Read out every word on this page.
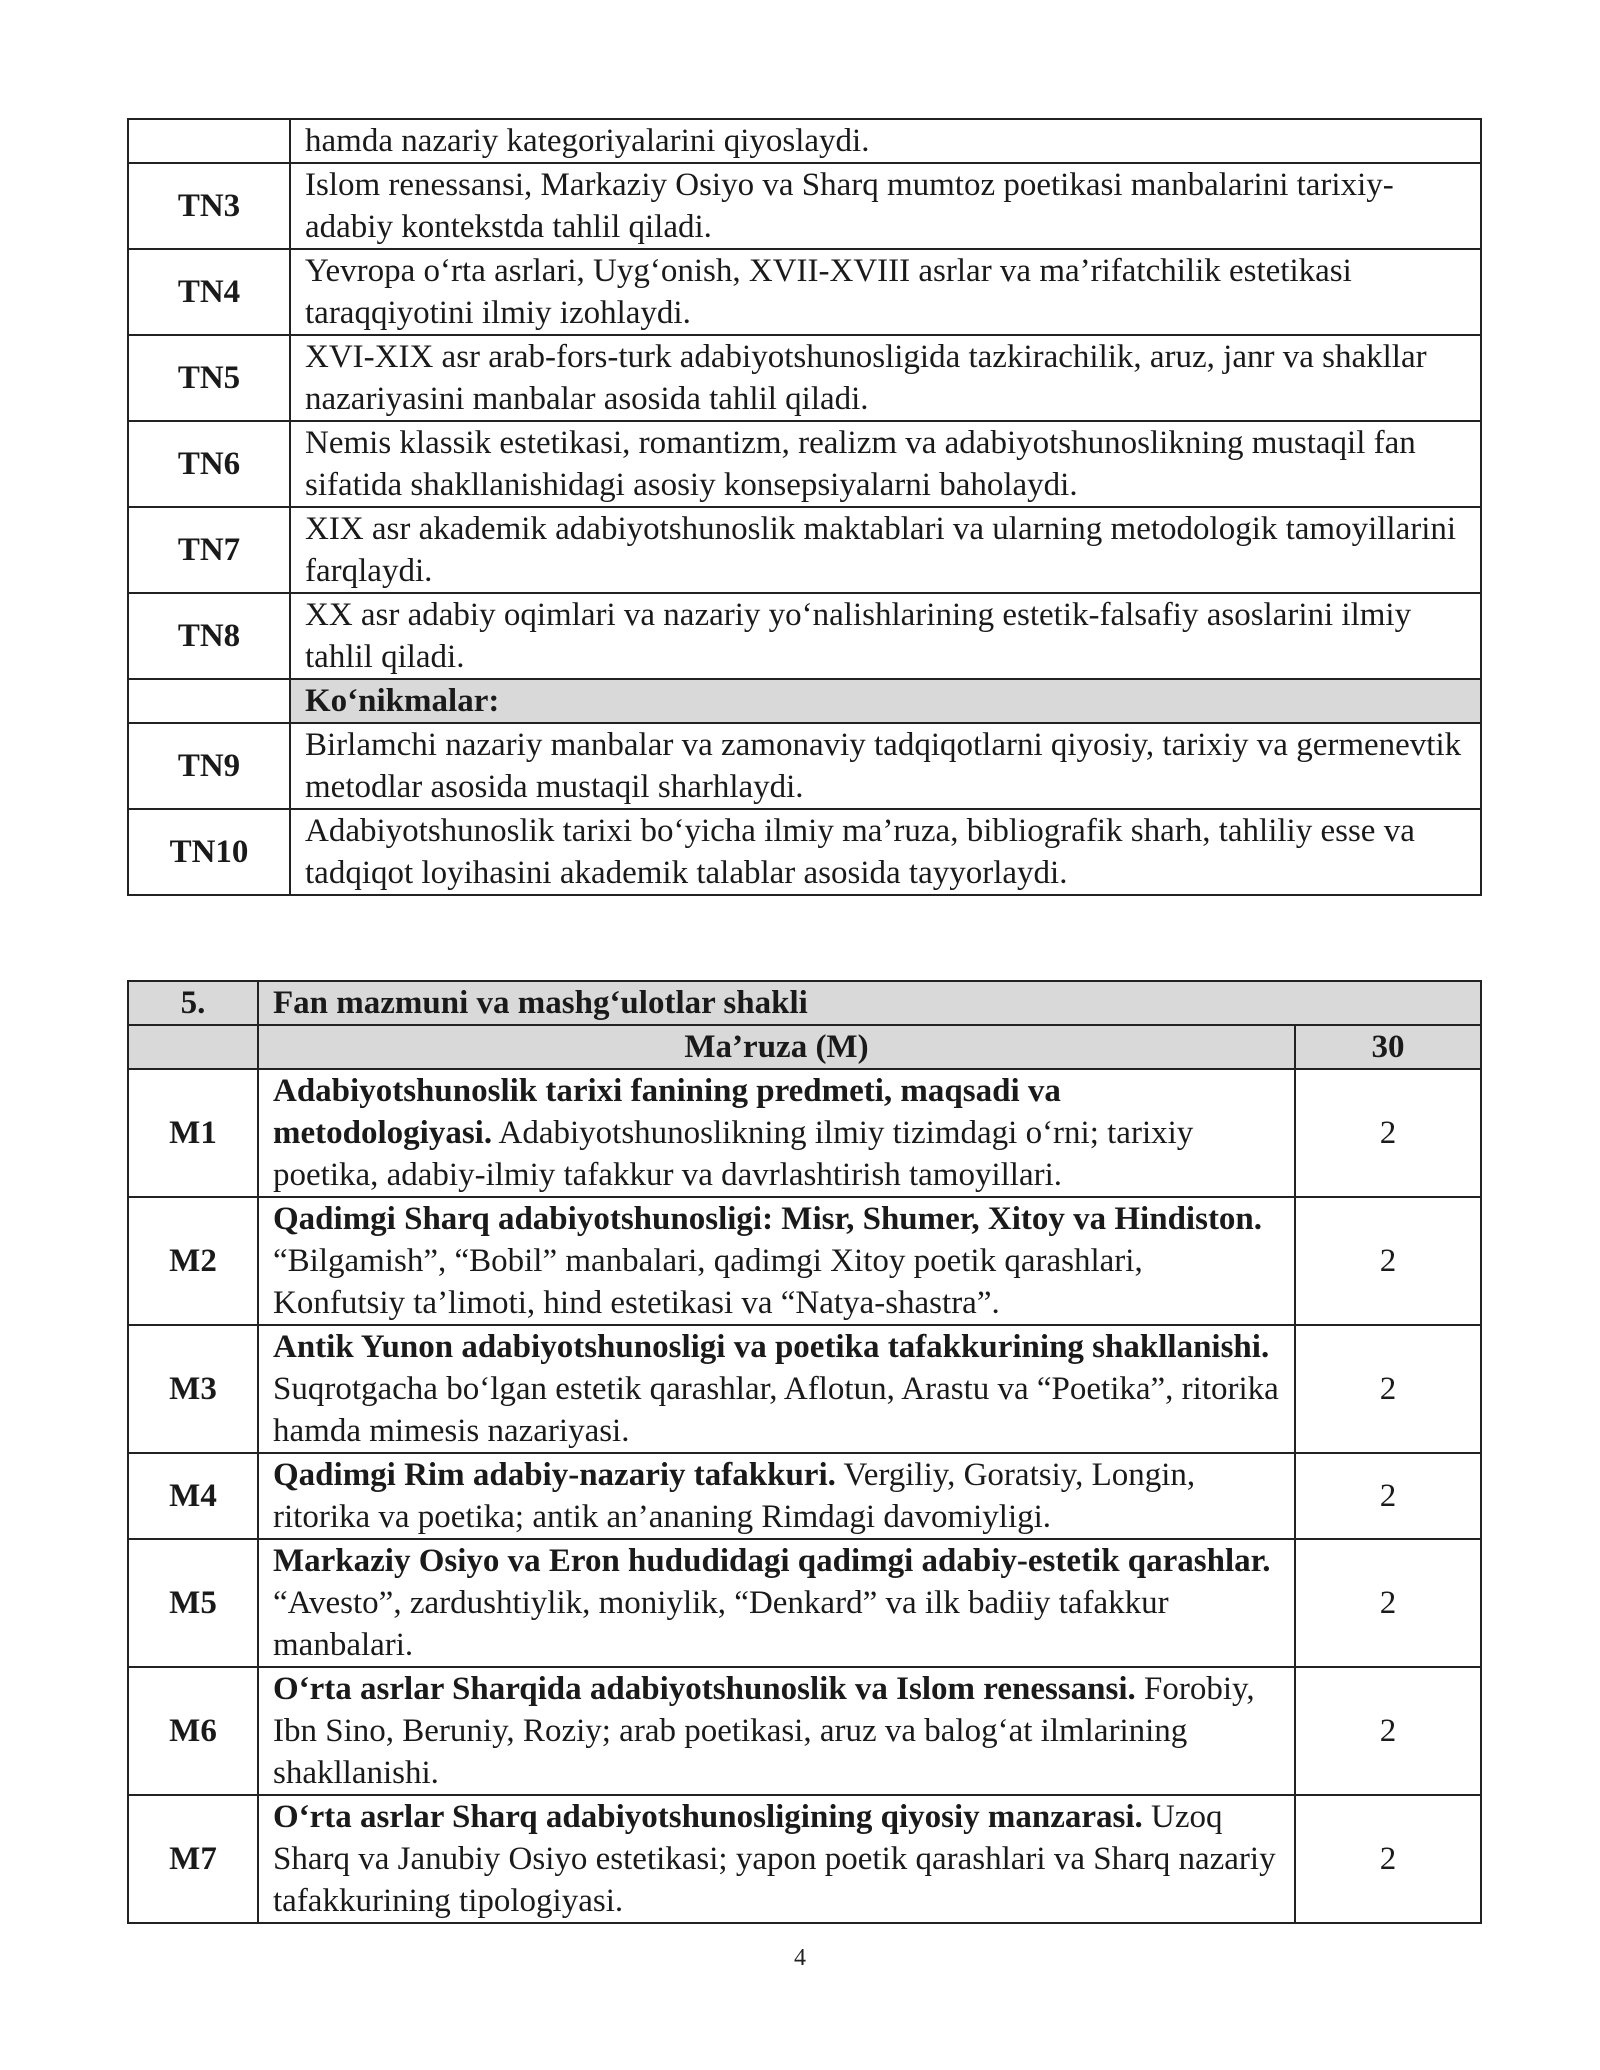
	hamda nazariy kategoriyalarini qiyoslaydi.
TN3	Islom renessansi, Markaziy Osiyo va Sharq mumtoz poetikasi manbalarini tarixiy-adabiy kontekstda tahlil qiladi.
TN4	Yevropa o‘rta asrlari, Uyg‘onish, XVII-XVIII asrlar va ma’rifatchilik estetikasi taraqqiyotini ilmiy izohlaydi.
TN5	XVI-XIX asr arab-fors-turk adabiyotshunosligida tazkirachilik, aruz, janr va shakllar nazariyasini manbalar asosida tahlil qiladi.
TN6	Nemis klassik estetikasi, romantizm, realizm va adabiyotshunoslikning mustaqil fan sifatida shakllanishidagi asosiy konsepsiyalarni baholaydi.
TN7	XIX asr akademik adabiyotshunoslik maktablari va ularning metodologik tamoyillarini farqlaydi.
TN8	XX asr adabiy oqimlari va nazariy yo‘nalishlarining estetik-falsafiy asoslarini ilmiy tahlil qiladi.
	Ko‘nikmalar:
TN9	Birlamchi nazariy manbalar va zamonaviy tadqiqotlarni qiyosiy, tarixiy va germenevtik metodlar asosida mustaqil sharhlaydi.
TN10	Adabiyotshunoslik tarixi bo‘yicha ilmiy ma’ruza, bibliografik sharh, tahliliy esse va tadqiqot loyihasini akademik talablar asosida tayyorlaydi.
5.	Fan mazmuni va mashg‘ulotlar shakli	
	Ma’ruza (M)	30
M1	Adabiyotshunoslik tarixi fanining predmeti, maqsadi va metodologiyasi. Adabiyotshunoslikning ilmiy tizimdagi o‘rni; tarixiy poetika, adabiy-ilmiy tafakkur va davrlashtirish tamoyillari.	2
M2	Qadimgi Sharq adabiyotshunosligi: Misr, Shumer, Xitoy va Hindiston. “Bilgamish”, “Bobil” manbalari, qadimgi Xitoy poetik qarashlari, Konfutsiy ta’limoti, hind estetikasi va “Natya-shastra”.	2
M3	Antik Yunon adabiyotshunosligi va poetika tafakkurining shakllanishi. Suqrotgacha bo‘lgan estetik qarashlar, Aflotun, Arastu va “Poetika”, ritorika hamda mimesis nazariyasi.	2
M4	Qadimgi Rim adabiy-nazariy tafakkuri. Vergiliy, Goratsiy, Longin, ritorika va poetika; antik an’ananing Rimdagi davomiyligi.	2
M5	Markaziy Osiyo va Eron hududidagi qadimgi adabiy-estetik qarashlar. “Avesto”, zardushtiylik, moniylik, “Denkard” va ilk badiiy tafakkur manbalari.	2
M6	O‘rta asrlar Sharqida adabiyotshunoslik va Islom renessansi. Forobiy, Ibn Sino, Beruniy, Roziy; arab poetikasi, aruz va balog‘at ilmlarining shakllanishi.	2
M7	O‘rta asrlar Sharq adabiyotshunosligining qiyosiy manzarasi. Uzoq Sharq va Janubiy Osiyo estetikasi; yapon poetik qarashlari va Sharq nazariy tafakkurining tipologiyasi.	2
4
